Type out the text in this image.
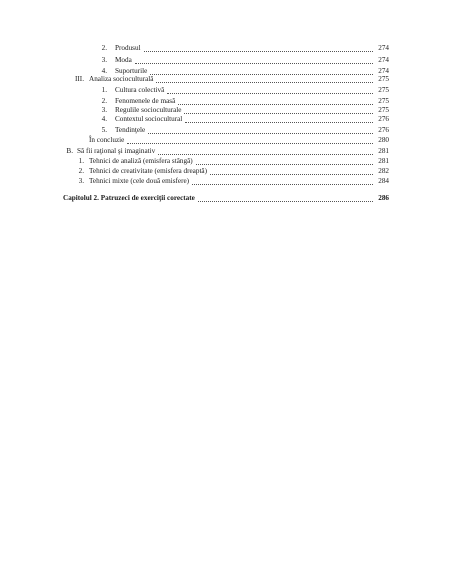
2. Produsul	274
3. Moda	274
4. Suporturile	274
III. Analiza socioculturală	275
1. Cultura colectivă	275
2. Fenomenele de masă	275
3. Regulile socioculturale	275
4. Contextul sociocultural	276
5. Tendinţele	276
În concluzie	280
B. Să fii raţional şi imaginativ	281
1. Tehnici de analiză (emisfera stângă)	281
2. Tehnici de creativitate (emisfera dreaptă)	282
3. Tehnici mixte (cele două emisfere)	284
Capitolul 2. Patruzeci de exerciţii corectate	286
